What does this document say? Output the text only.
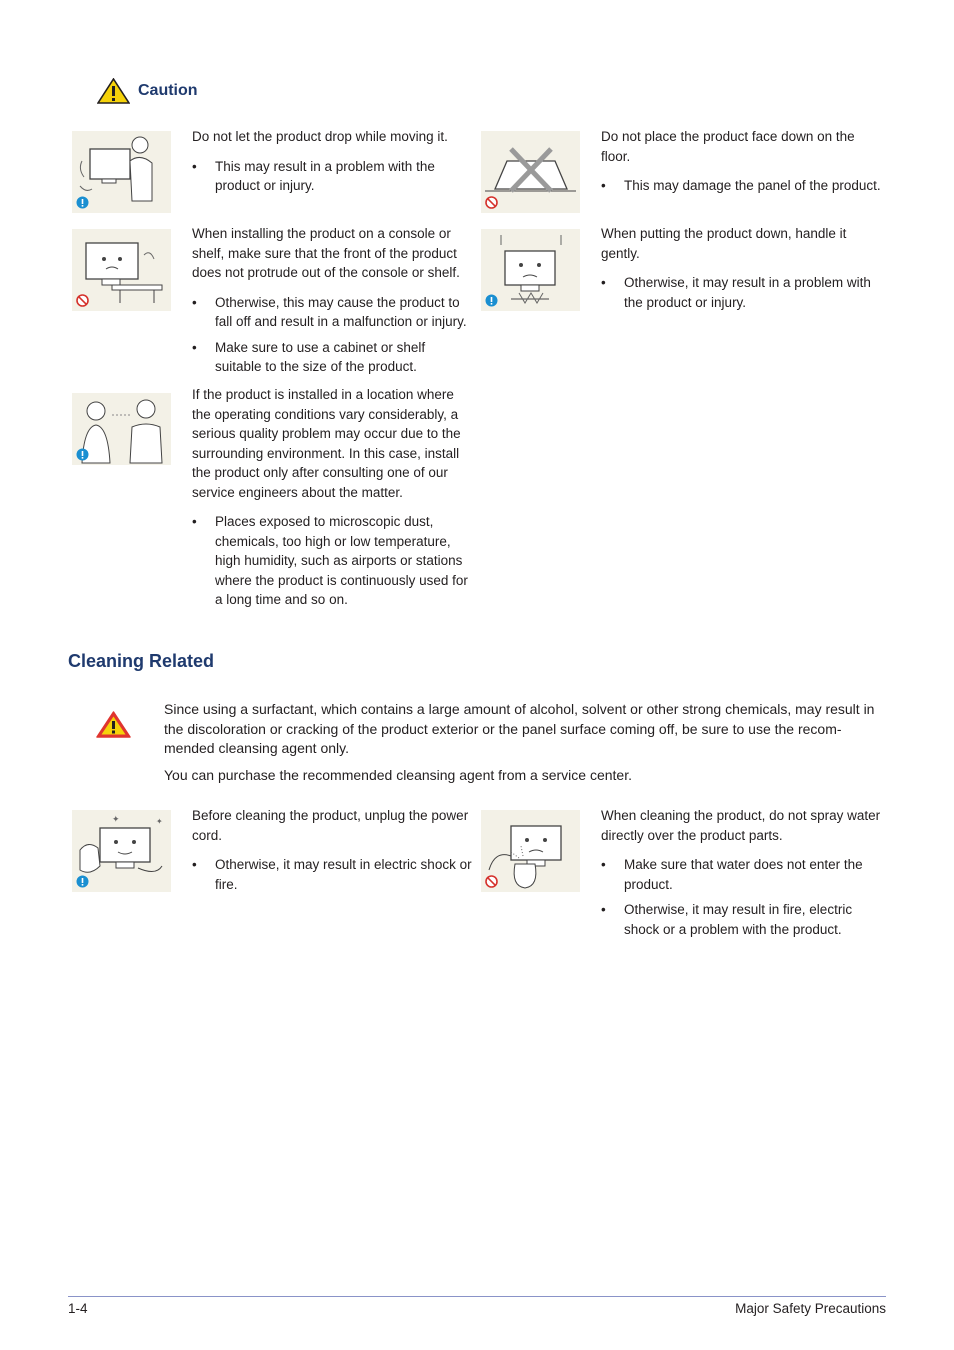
Caution

Do not let the product drop while moving it.

• This may result in a problem with the product or injury.

Do not place the product face down on the floor.

• This may damage the panel of the product.

When installing the product on a console or shelf, make sure that the front of the product does not protrude out of the console or shelf.

• Otherwise, this may cause the product to fall off and result in a malfunction or injury.
• Make sure to use a cabinet or shelf suitable to the size of the product.

When putting the product down, handle it gently.

• Otherwise, it may result in a problem with the product or injury.

If the product is installed in a location where the operating conditions vary considerably, a serious quality problem may occur due to the surrounding environment. In this case, install the product only after consulting one of our service engineers about the matter.

• Places exposed to microscopic dust, chemicals, too high or low temperature, high humidity, such as airports or stations where the product is continuously used for a long time and so on.
Cleaning Related

Since using a surfactant, which contains a large amount of alcohol, solvent or other strong chemicals, may result in the discoloration or cracking of the product exterior or the panel surface coming off, be sure to use the recom-mended cleansing agent only.

You can purchase the recommended cleansing agent from a service center.

✦	✦ Before cleaning the product, unplug the power cord.

• Otherwise, it may result in electric shock or fire.

When cleaning the product, do not spray water directly over the product parts.

• Make sure that water does not enter the product.
• Otherwise, it may result in fire, electric shock or a problem with the product.
1-4	Major Safety Precautions
